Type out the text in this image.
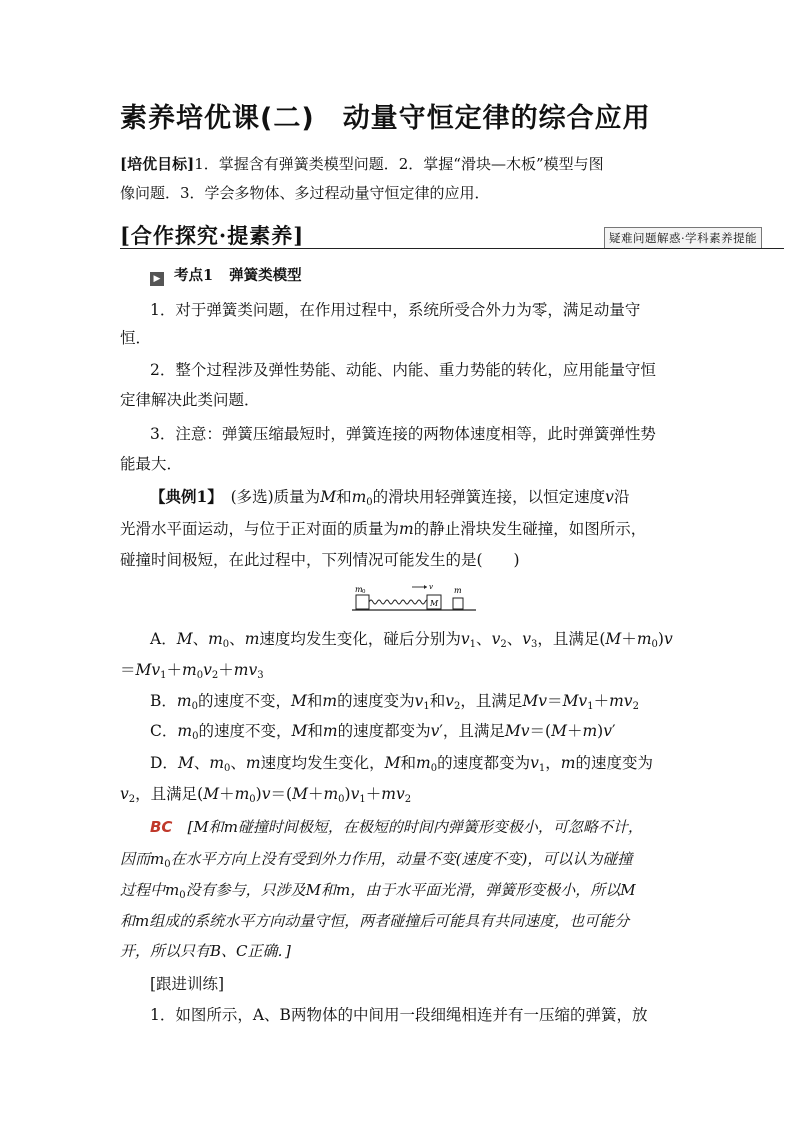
素养培优课(二) 动量守恒定律的综合应用
[培优目标]1．掌握含有弹簧类模型问题．2．掌握“滑块—木板”模型与图
像问题．3．学会多物体、多过程动量守恒定律的应用．
[合作探究·提素养]	疑难问题解惑·学科素养提能
▶ 考点1 弹簧类模型
1．对于弹簧类问题，在作用过程中，系统所受合外力为零，满足动量守
恒．
2．整个过程涉及弹性势能、动能、内能、重力势能的转化，应用能量守恒
定律解决此类问题．
3．注意：弹簧压缩最短时，弹簧连接的两物体速度相等，此时弹簧弹性势
能最大．
【典例1】　 (多选)质量为M和$m_0$的滑块用轻弹簧连接，以恒定速度v沿
光滑水平面运动，与位于正对面的质量为m的静止滑块发生碰撞，如图所示，
碰撞时间极短，在此过程中，下列情况可能发生的是(　　)
m 0
M
v	m
A．M、$m_0$、m速度均发生变化，碰后分别为$v_1$、$v_2$、$v_3$，且满足$(M+m_0)v$
$=Mv_1+m_0v_2+mv_3$
B．$m_0$的速度不变，M和m的速度变为$v_1$和$v_2$，且满足$Mv=Mv_1+mv_2$
C．$m_0$的速度不变，M和m的速度都变为v′，且满足Mv＝(M＋m)v′
D．M、$m_0$、m速度均发生变化，M和$m_0$的速度都变为$v_1$，m的速度变为
$v_2$，且满足$(M+m_0)v=(M+m_0)v_1+mv_2$
BC　[M和m碰撞时间极短，在极短的时间内弹簧形变极小，可忽略不计，
因而$m_0$在水平方向上没有受到外力作用，动量不变(速度不变)，可以认为碰撞
过程中$m_0$没有参与，只涉及M和m，由于水平面光滑，弹簧形变极小，所以M
和m组成的系统水平方向动量守恒，两者碰撞后可能具有共同速度，也可能分
开，所以只有B、C正确．]
[跟进训练]
1．如图所示，A、B两物体的中间用一段细绳相连并有一压缩的弹簧，放
